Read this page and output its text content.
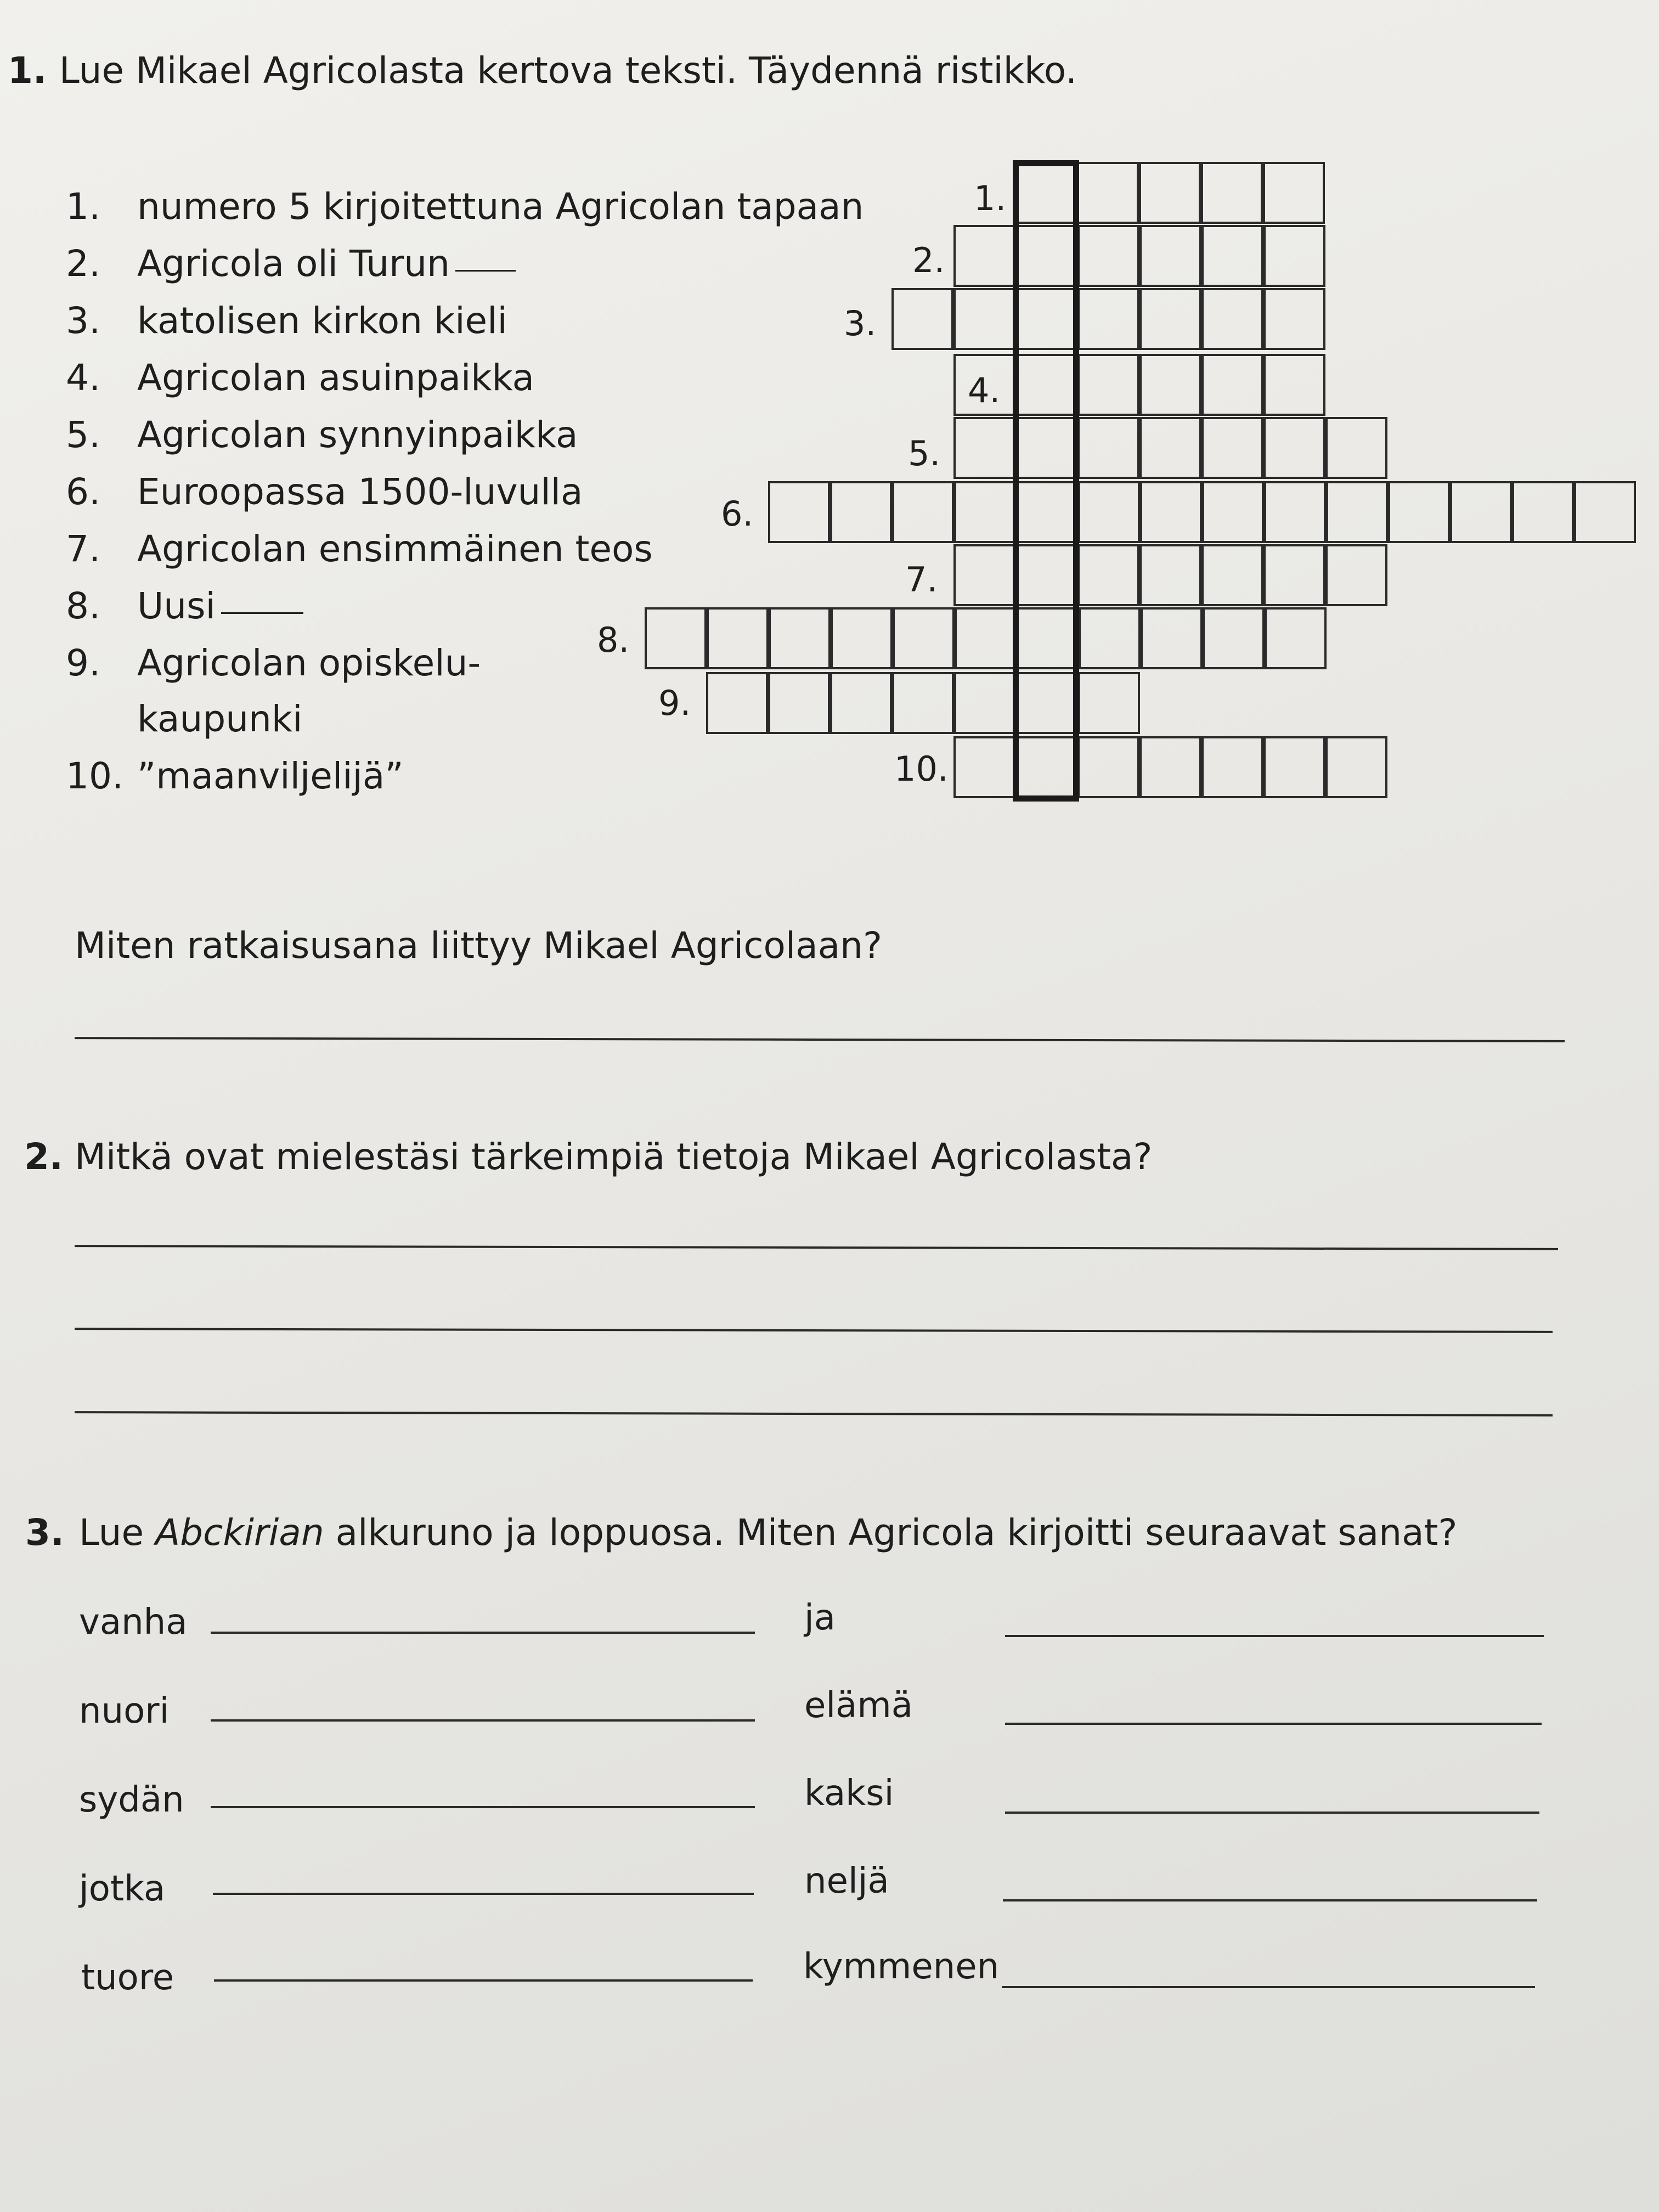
1. Lue Mikael Agricolasta kertova teksti. Täydennä ristikko.
1.	numero 5 kirjoitettuna Agricolan tapaan
2.	Agricola oli Turun
3.	katolisen kirkon kieli
4.	Agricolan asuinpaikka
5.	Agricolan synnyinpaikka
6.	Euroopassa 1500-luvulla
7.	Agricolan ensimmäinen teos
8.	Uusi
9.	Agricolan opiskelu-
kaupunki
10. ”maanviljelijä”
1.
2.
3.
4.
5.
6.
7.
8.
9.
10.
Miten ratkaisusana liittyy Mikael Agricolaan?
2. Mitkä ovat mielestäsi tärkeimpiä tietoja Mikael Agricolasta?
3. Lue Abckirian alkuruno ja loppuosa. Miten Agricola kirjoitti seuraavat sanat?
vanha	ja
nuori	elämä
sydän	kaksi
jotka	neljä
tuore	kymmenen
